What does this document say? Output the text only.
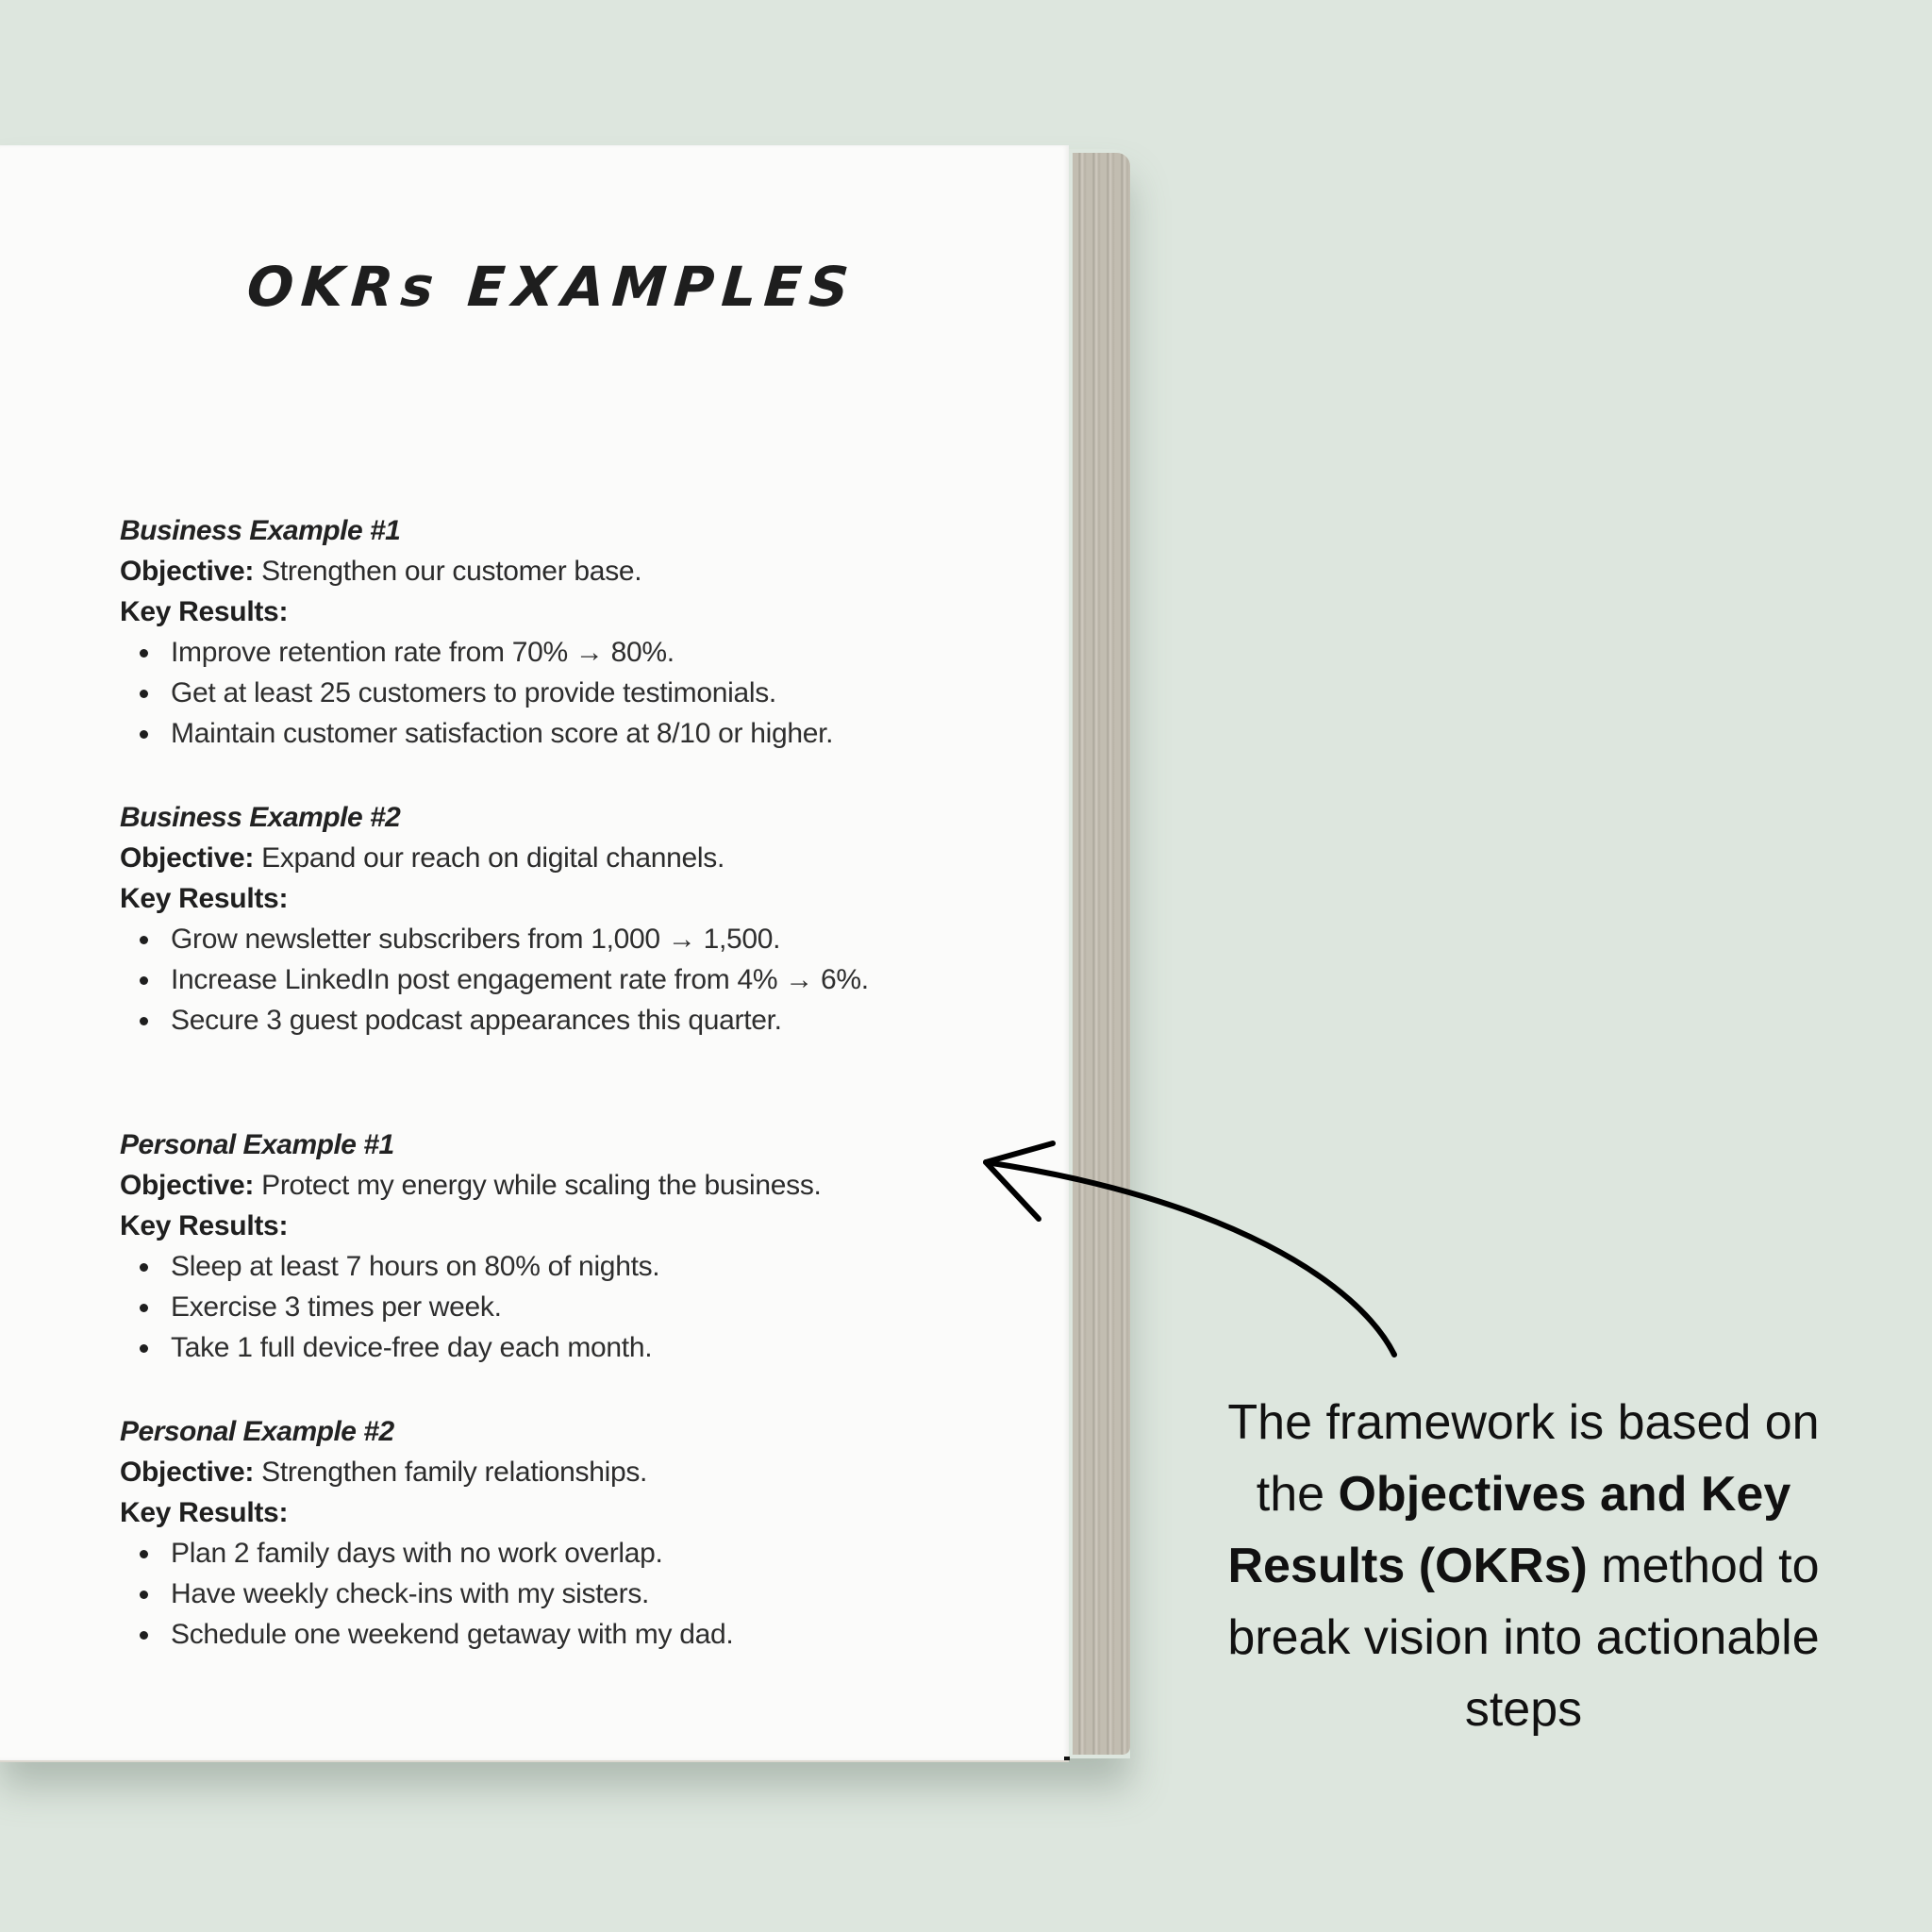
OKRs EXAMPLES
Business Example #1
Objective: Strengthen our customer base.
Key Results:
Improve retention rate from 70% → 80%.
Get at least 25 customers to provide testimonials.
Maintain customer satisfaction score at 8/10 or higher.
Business Example #2
Objective: Expand our reach on digital channels.
Key Results:
Grow newsletter subscribers from 1,000 → 1,500.
Increase LinkedIn post engagement rate from 4% → 6%.
Secure 3 guest podcast appearances this quarter.
Personal Example #1
Objective: Protect my energy while scaling the business.
Key Results:
Sleep at least 7 hours on 80% of nights.
Exercise 3 times per week.
Take 1 full device-free day each month.
Personal Example #2
Objective: Strengthen family relationships.
Key Results:
Plan 2 family days with no work overlap.
Have weekly check-ins with my sisters.
Schedule one weekend getaway with my dad.
The framework is based on the Objectives and Key Results (OKRs) method to break vision into actionable steps
